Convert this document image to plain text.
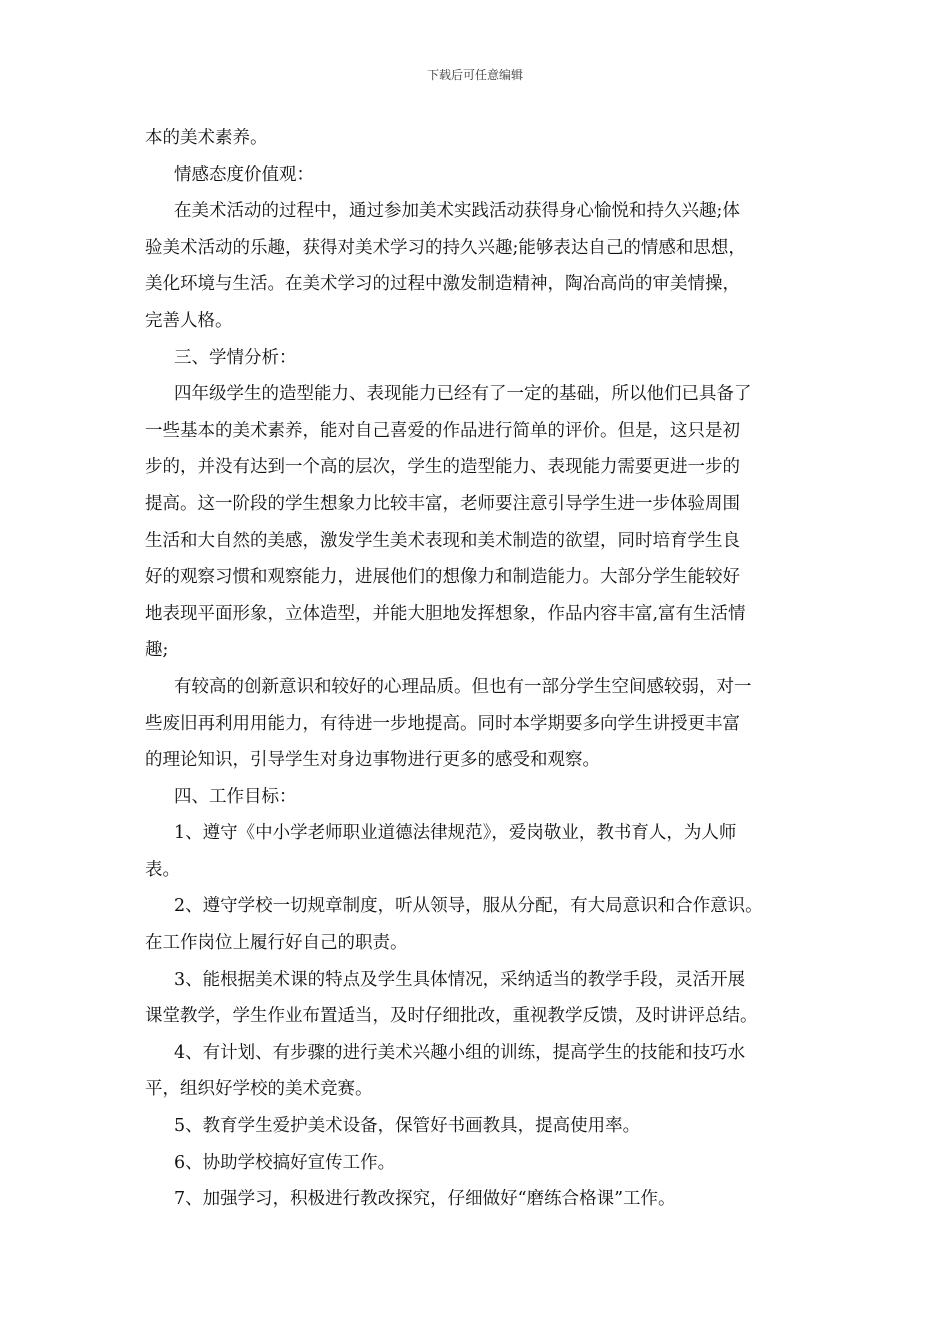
下载后可任意编辑
本的美术素养。
情感态度价值观：
在美术活动的过程中，通过参加美术实践活动获得身心愉悦和持久兴趣;体
验美术活动的乐趣，获得对美术学习的持久兴趣;能够表达自己的情感和思想，
美化环境与生活。在美术学习的过程中激发制造精神，陶冶高尚的审美情操，
完善人格。
三、学情分析：
四年级学生的造型能力、表现能力已经有了一定的基础，所以他们已具备了
一些基本的美术素养，能对自己喜爱的作品进行简单的评价。但是，这只是初
步的，并没有达到一个高的层次，学生的造型能力、表现能力需要更进一步的
提高。这一阶段的学生想象力比较丰富，老师要注意引导学生进一步体验周围
生活和大自然的美感，激发学生美术表现和美术制造的欲望，同时培育学生良
好的观察习惯和观察能力，进展他们的想像力和制造能力。大部分学生能较好
地表现平面形象，立体造型，并能大胆地发挥想象，作品内容丰富,富有生活情
趣;
有较高的创新意识和较好的心理品质。但也有一部分学生空间感较弱，对一
些废旧再利用用能力，有待进一步地提高。同时本学期要多向学生讲授更丰富
的理论知识，引导学生对身边事物进行更多的感受和观察。
四、工作目标：
1、遵守《中小学老师职业道德法律规范》，爱岗敬业，教书育人，为人师
表。
2、遵守学校一切规章制度，听从领导，服从分配，有大局意识和合作意识。
在工作岗位上履行好自己的职责。
3、能根据美术课的特点及学生具体情况，采纳适当的教学手段，灵活开展
课堂教学，学生作业布置适当，及时仔细批改，重视教学反馈，及时讲评总结。
4、有计划、有步骤的进行美术兴趣小组的训练，提高学生的技能和技巧水
平，组织好学校的美术竞赛。
5、教育学生爱护美术设备，保管好书画教具，提高使用率。
6、协助学校搞好宣传工作。
7、加强学习，积极进行教改探究，仔细做好“磨练合格课”工作。
